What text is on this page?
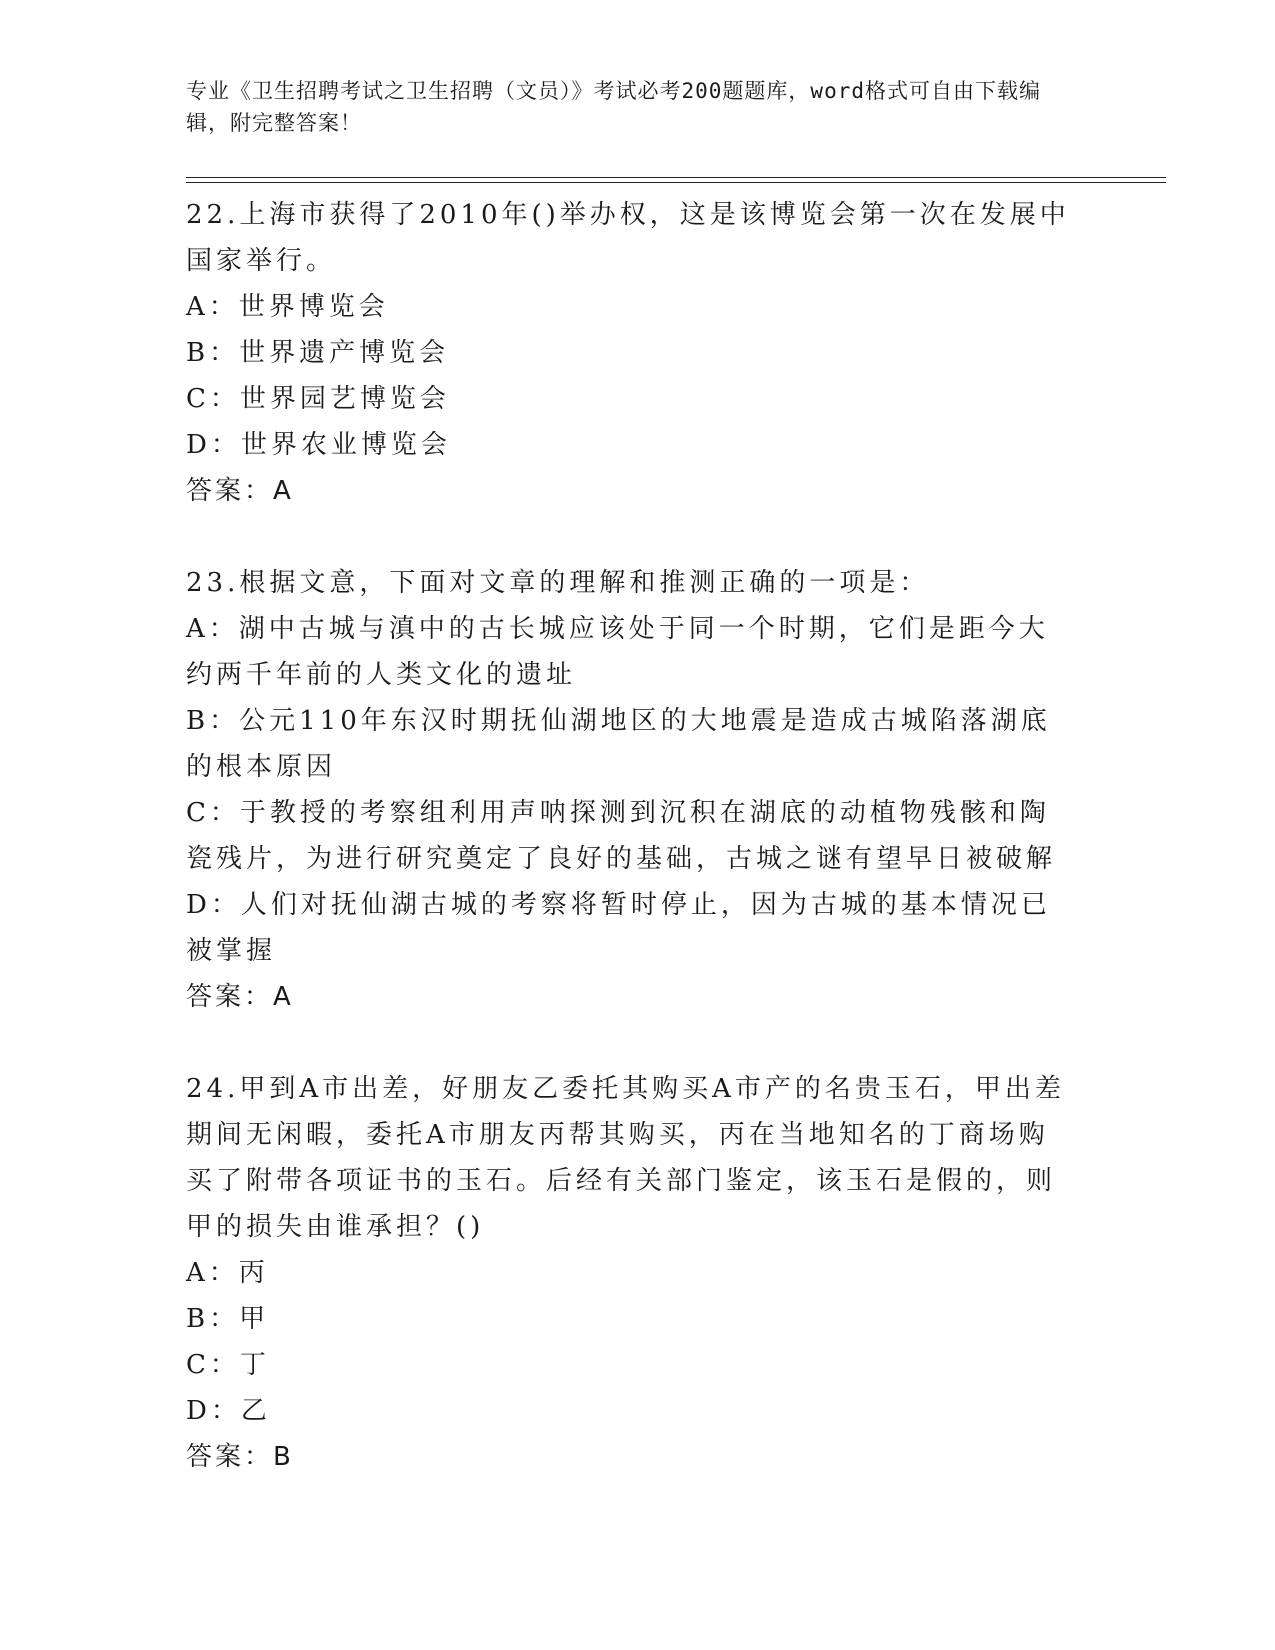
专业《卫生招聘考试之卫生招聘（文员）》考试必考200题题库，word格式可自由下载编辑，附完整答案！

22.上海市获得了2010年()举办权，这是该博览会第一次在发展中国家举行。

A：世界博览会

B：世界遗产博览会

C：世界园艺博览会

D：世界农业博览会

答案：A

23.根据文意，下面对文章的理解和推测正确的一项是：

A：湖中古城与滇中的古长城应该处于同一个时期，它们是距今大约两千年前的人类文化的遗址

B：公元110年东汉时期抚仙湖地区的大地震是造成古城陷落湖底的根本原因

C：于教授的考察组利用声呐探测到沉积在湖底的动植物残骸和陶瓷残片，为进行研究奠定了良好的基础，古城之谜有望早日被破解

D：人们对抚仙湖古城的考察将暂时停止，因为古城的基本情况已被掌握

答案：A

24.甲到A市出差，好朋友乙委托其购买A市产的名贵玉石，甲出差期间无闲暇，委托A市朋友丙帮其购买，丙在当地知名的丁商场购买了附带各项证书的玉石。后经有关部门鉴定，该玉石是假的，则甲的损失由谁承担？()

A：丙

B：甲

C：丁

D：乙

答案：B
